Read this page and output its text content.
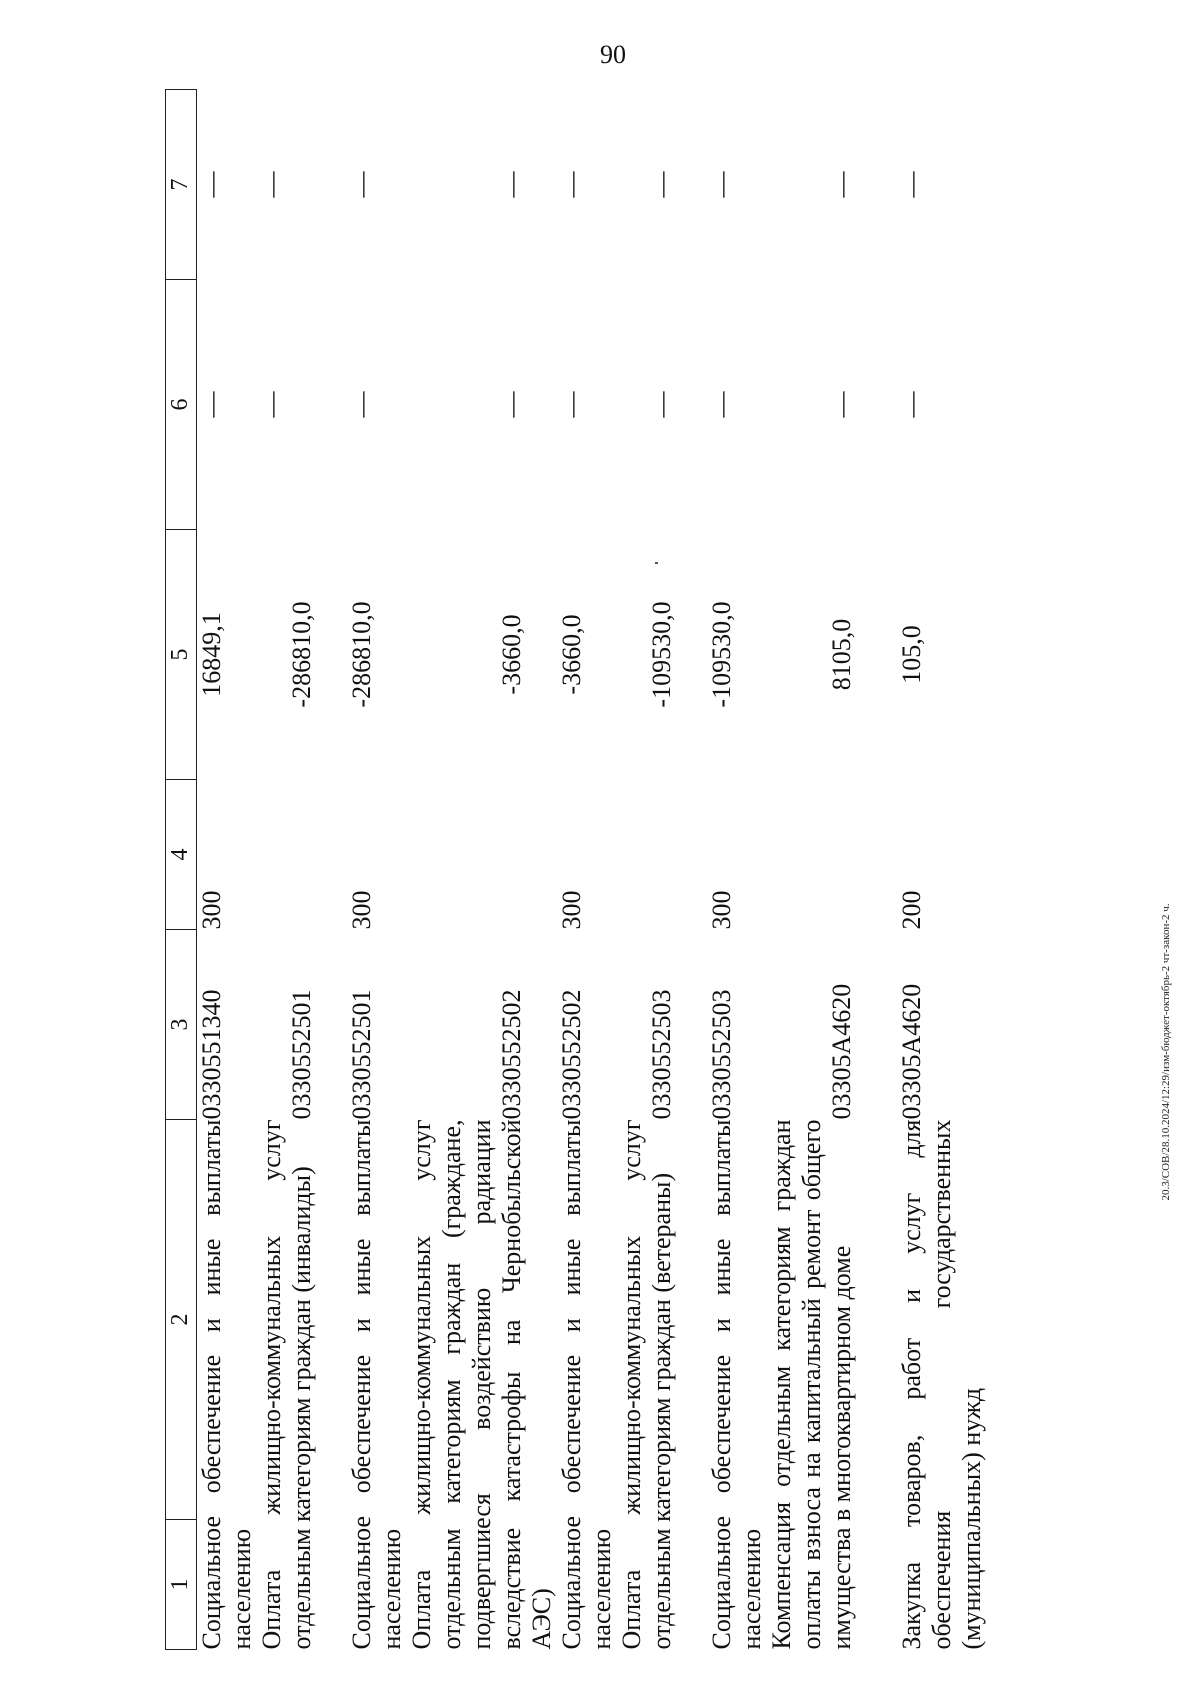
90
1	2	3	4	5	6	7
Социальное обеспечение и иные выплаты населению		0330551340	300	16849,1	—	—
Оплата жилищно-коммунальных услуг отдельным категориям граждан (инвалиды)		0330552501		-286810,0	—	—
Социальное обеспечение и иные выплаты населению		0330552501	300	-286810,0	—	—
Оплата жилищно-коммунальных услуг отдельным категориям граждан (граждане, подвергшиеся воздействию радиации вследствие катастрофы на Чернобыльской АЭС)		0330552502		-3660,0	—	—
Социальное обеспечение и иные выплаты населению		0330552502	300	-3660,0	—	—
Оплата жилищно-коммунальных услуг отдельным категориям граждан (ветераны)		0330552503		-109530,0	—	—
Социальное обеспечение и иные выплаты населению		0330552503	300	-109530,0	—	—
Компенсация отдельным категориям граждан оплаты взноса на капитальный ремонт общего имущества в многоквартирном доме		03305А4620		8105,0	—	—
Закупка товаров, работ и услуг для обеспечения государственных (муниципальных) нужд		03305А4620	200	105,0	—	—
20.3/СОВ/28.10.2024/12:29/изм-бюджет-октябрь-2 чт-закон-2 ч.
